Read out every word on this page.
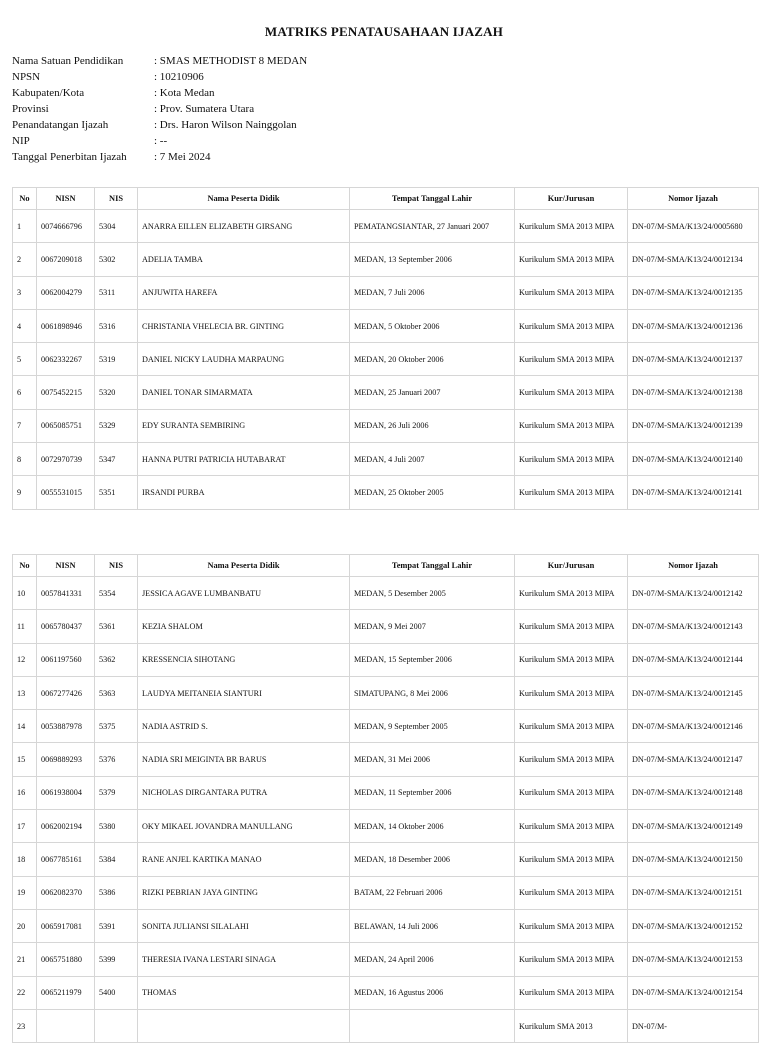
MATRIKS PENATAUSAHAAN IJAZAH
Nama Satuan Pendidikan	: SMAS METHODIST 8 MEDAN
NPSN	: 10210906
Kabupaten/Kota	: Kota Medan
Provinsi	: Prov. Sumatera Utara
Penandatangan Ijazah	: Drs. Haron Wilson Nainggolan
NIP	: --
Tanggal Penerbitan Ijazah	: 7 Mei 2024
No	NISN	NIS	Nama Peserta Didik	Tempat Tanggal Lahir	Kur/Jurusan	Nomor Ijazah
1	0074666796	5304	ANARRA EILLEN ELIZABETH GIRSANG	PEMATANGSIANTAR, 27 Januari 2007	Kurikulum SMA 2013 MIPA	DN-07/M-SMA/K13/24/0005680
2	0067209018	5302	ADELIA TAMBA	MEDAN, 13 September 2006	Kurikulum SMA 2013 MIPA	DN-07/M-SMA/K13/24/0012134
3	0062004279	5311	ANJUWITA HAREFA	MEDAN, 7 Juli 2006	Kurikulum SMA 2013 MIPA	DN-07/M-SMA/K13/24/0012135
4	0061898946	5316	CHRISTANIA VHELECIA BR. GINTING	MEDAN, 5 Oktober 2006	Kurikulum SMA 2013 MIPA	DN-07/M-SMA/K13/24/0012136
5	0062332267	5319	DANIEL NICKY LAUDHA MARPAUNG	MEDAN, 20 Oktober 2006	Kurikulum SMA 2013 MIPA	DN-07/M-SMA/K13/24/0012137
6	0075452215	5320	DANIEL TONAR SIMARMATA	MEDAN, 25 Januari 2007	Kurikulum SMA 2013 MIPA	DN-07/M-SMA/K13/24/0012138
7	0065085751	5329	EDY SURANTA SEMBIRING	MEDAN, 26 Juli 2006	Kurikulum SMA 2013 MIPA	DN-07/M-SMA/K13/24/0012139
8	0072970739	5347	HANNA PUTRI PATRICIA HUTABARAT	MEDAN, 4 Juli 2007	Kurikulum SMA 2013 MIPA	DN-07/M-SMA/K13/24/0012140
9	0055531015	5351	IRSANDI PURBA	MEDAN, 25 Oktober 2005	Kurikulum SMA 2013 MIPA	DN-07/M-SMA/K13/24/0012141
No	NISN	NIS	Nama Peserta Didik	Tempat Tanggal Lahir	Kur/Jurusan	Nomor Ijazah
10	0057841331	5354	JESSICA AGAVE LUMBANBATU	MEDAN, 5 Desember 2005	Kurikulum SMA 2013 MIPA	DN-07/M-SMA/K13/24/0012142
11	0065780437	5361	KEZIA SHALOM	MEDAN, 9 Mei 2007	Kurikulum SMA 2013 MIPA	DN-07/M-SMA/K13/24/0012143
12	0061197560	5362	KRESSENCIA SIHOTANG	MEDAN, 15 September 2006	Kurikulum SMA 2013 MIPA	DN-07/M-SMA/K13/24/0012144
13	0067277426	5363	LAUDYA MEITANEIA SIANTURI	SIMATUPANG, 8 Mei 2006	Kurikulum SMA 2013 MIPA	DN-07/M-SMA/K13/24/0012145
14	0053887978	5375	NADIA ASTRID S.	MEDAN, 9 September 2005	Kurikulum SMA 2013 MIPA	DN-07/M-SMA/K13/24/0012146
15	0069889293	5376	NADIA SRI MEIGINTA BR BARUS	MEDAN, 31 Mei 2006	Kurikulum SMA 2013 MIPA	DN-07/M-SMA/K13/24/0012147
16	0061938004	5379	NICHOLAS DIRGANTARA PUTRA	MEDAN, 11 September 2006	Kurikulum SMA 2013 MIPA	DN-07/M-SMA/K13/24/0012148
17	0062002194	5380	OKY MIKAEL JOVANDRA MANULLANG	MEDAN, 14 Oktober 2006	Kurikulum SMA 2013 MIPA	DN-07/M-SMA/K13/24/0012149
18	0067785161	5384	RANE ANJEL KARTIKA MANAO	MEDAN, 18 Desember 2006	Kurikulum SMA 2013 MIPA	DN-07/M-SMA/K13/24/0012150
19	0062082370	5386	RIZKI PEBRIAN JAYA GINTING	BATAM, 22 Februari 2006	Kurikulum SMA 2013 MIPA	DN-07/M-SMA/K13/24/0012151
20	0065917081	5391	SONITA JULIANSI SILALAHI	BELAWAN, 14 Juli 2006	Kurikulum SMA 2013 MIPA	DN-07/M-SMA/K13/24/0012152
21	0065751880	5399	THERESIA IVANA LESTARI SINAGA	MEDAN, 24 April 2006	Kurikulum SMA 2013 MIPA	DN-07/M-SMA/K13/24/0012153
22	0065211979	5400	THOMAS	MEDAN, 16 Agustus 2006	Kurikulum SMA 2013 MIPA	DN-07/M-SMA/K13/24/0012154
23					Kurikulum SMA 2013	DN-07/M-
